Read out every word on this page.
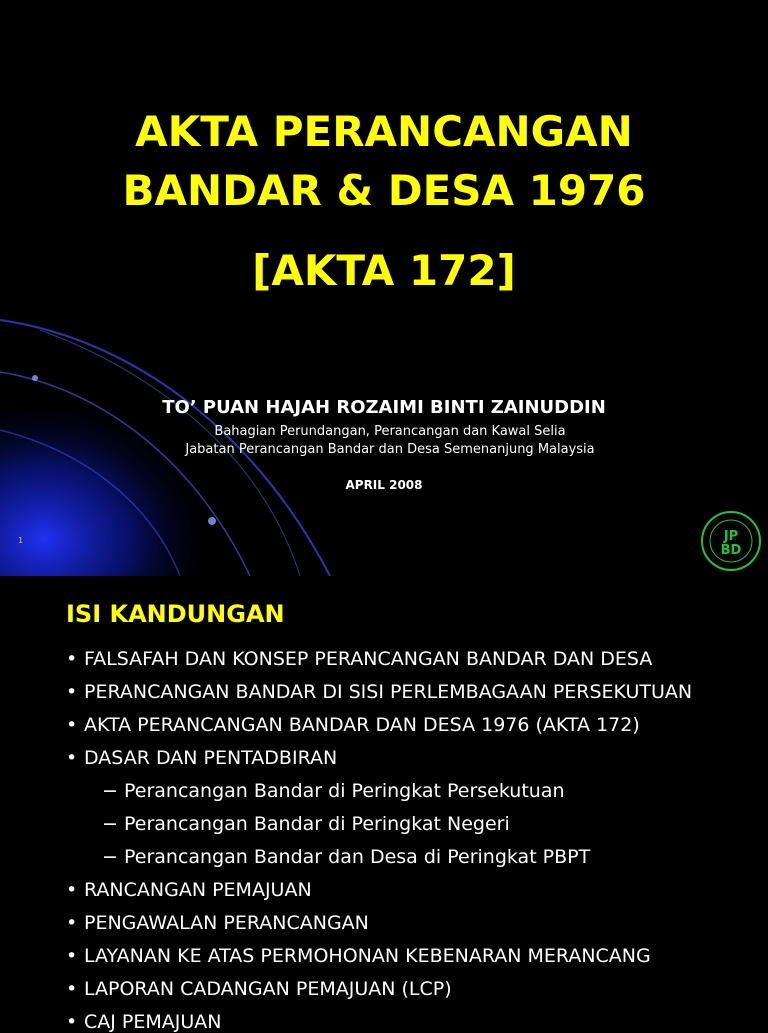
AKTA PERANCANGAN
BANDAR & DESA 1976
[AKTA 172]
TO’ PUAN HAJAH ROZAIMI BINTI ZAINUDDIN
Bahagian Perundangan, Perancangan dan Kawal Selia
Jabatan Perancangan Bandar dan Desa Semenanjung Malaysia
APRIL 2008
1	JP
BD
ISI KANDUNGAN
• FALSAFAH DAN KONSEP PERANCANGAN BANDAR DAN DESA
• PERANCANGAN BANDAR DI SISI PERLEMBAGAAN PERSEKUTUAN
• AKTA PERANCANGAN BANDAR DAN DESA 1976 (AKTA 172)
• DASAR DAN PENTADBIRAN
− Perancangan Bandar di Peringkat Persekutuan
− Perancangan Bandar di Peringkat Negeri
− Perancangan Bandar dan Desa di Peringkat PBPT
• RANCANGAN PEMAJUAN
• PENGAWALAN PERANCANGAN
• LAYANAN KE ATAS PERMOHONAN KEBENARAN MERANCANG
• LAPORAN CADANGAN PEMAJUAN (LCP)
• CAJ PEMAJUAN
